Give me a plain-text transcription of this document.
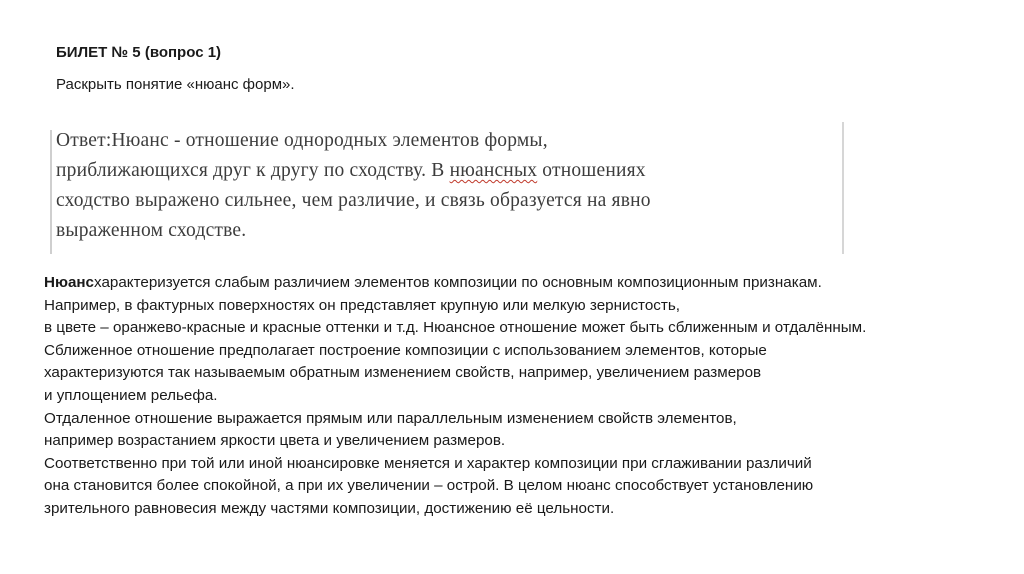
БИЛЕТ № 5 (вопрос 1)
Раскрыть понятие «нюанс форм».
Ответ:Нюанс - отношение однородных элементов формы,
приближающихся друг к другу по сходству. В нюансных отношениях
сходство выражено сильнее, чем различие, и связь образуется на явно
выраженном сходстве.
Нюансхарактеризуется слабым различием элементов композиции по основным композиционным признакам.
Например, в фактурных поверхностях он представляет крупную или мелкую зернистость,
в цвете – оранжево-красные и красные оттенки и т.д. Нюансное отношение может быть сближенным и отдалённым.
Сближенное отношение предполагает построение композиции с использованием элементов, которые
характеризуются так называемым обратным изменением свойств, например, увеличением размеров
и уплощением рельефа.
Отдаленное отношение выражается прямым или параллельным изменением свойств элементов,
например возрастанием яркости цвета и увеличением размеров.
Соответственно при той или иной нюансировке меняется и характер композиции при сглаживании различий
она становится более спокойной, а при их увеличении – острой. В целом нюанс способствует установлению
зрительного равновесия между частями композиции, достижению её цельности.
